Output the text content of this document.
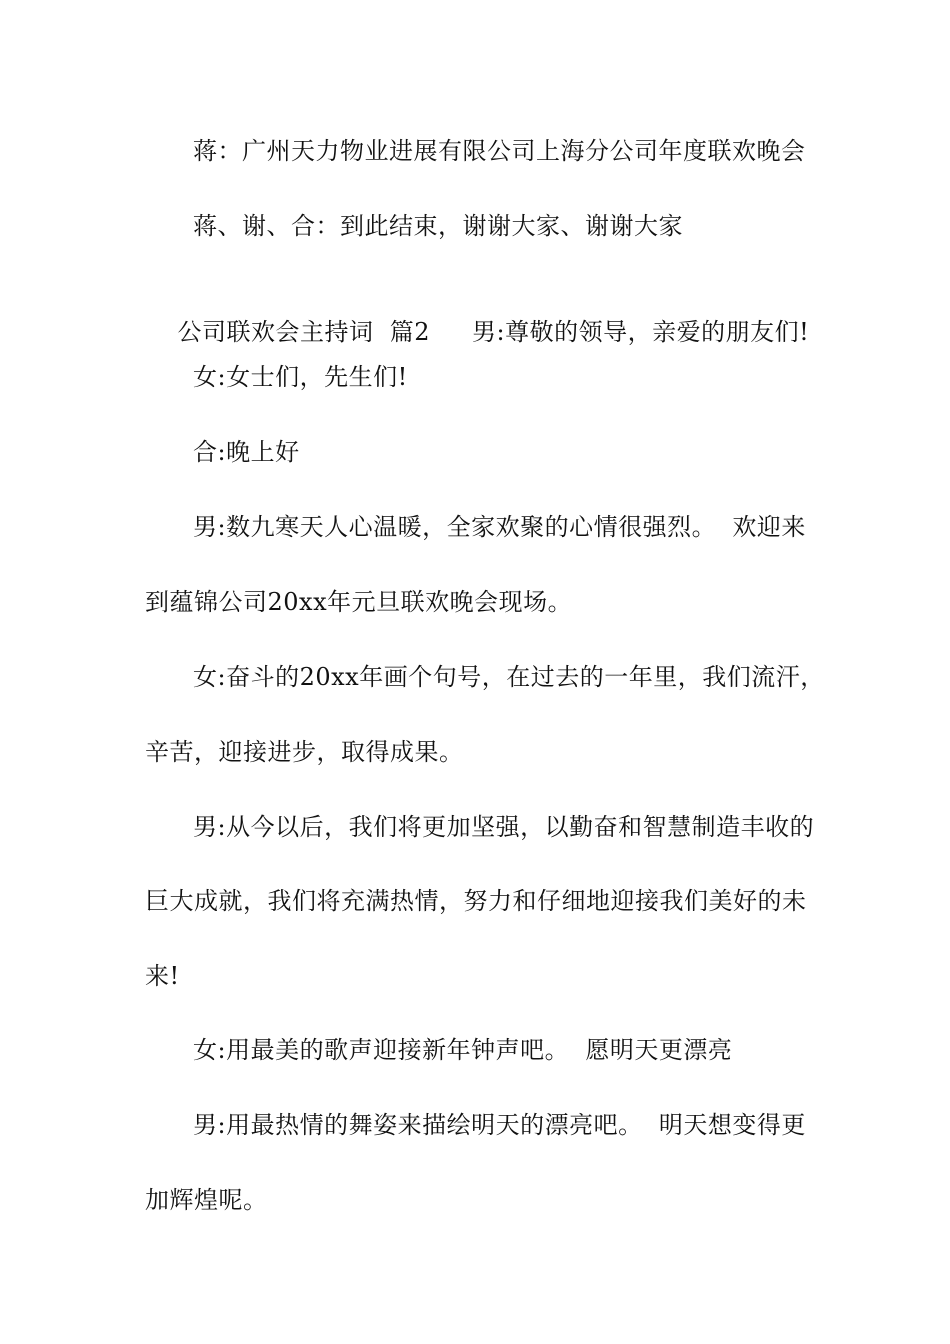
蒋：广州天力物业进展有限公司上海分公司年度联欢晚会
蒋、谢、合：到此结束，谢谢大家、谢谢大家

公司联欢会主持词  篇2 男:尊敬的领导，亲爱的朋友们!

女:女士们，先生们!
合:晚上好
男:数九寒天人心温暖，全家欢聚的心情很强烈。  欢迎来
到蕴锦公司20xx年元旦联欢晚会现场。
女:奋斗的20xx年画个句号，在过去的一年里，我们流汗，
辛苦，迎接进步，取得成果。
男:从今以后，我们将更加坚强，以勤奋和智慧制造丰收的
巨大成就，我们将充满热情，努力和仔细地迎接我们美好的未
来!
女:用最美的歌声迎接新年钟声吧。  愿明天更漂亮
男:用最热情的舞姿来描绘明天的漂亮吧。  明天想变得更
加辉煌呢。
